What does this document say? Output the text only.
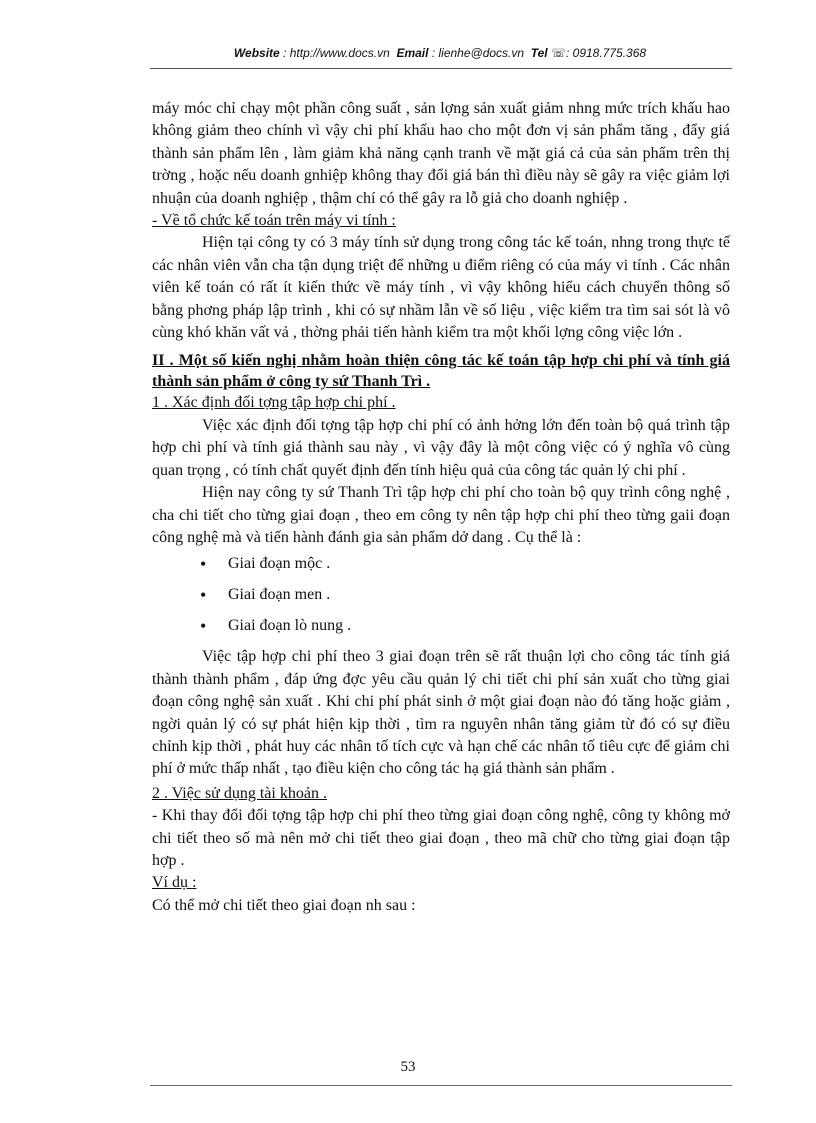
Website : http://www.docs.vn Email : lienhe@docs.vn Tel ☏: 0918.775.368

máy móc chỉ chạy một phần công suất , sản lợng sản xuất giảm nhng mức trích khấu hao không giảm theo chính vì vậy chi phí khấu hao cho một đơn vị sản phẩm tăng , đẩy giá thành sản phẩm lên , làm giảm khả năng cạnh tranh về mặt giá cả của sản phẩm trên thị trờng , hoặc nếu doanh gnhiệp không thay đổi giá bán thì điều này sẽ gây ra việc giảm lợi nhuận của doanh nghiệp , thậm chí có thể gây ra lỗ giả cho doanh nghiệp .

- Về tổ chức kế toán trên máy vi tính :

Hiện tại công ty có 3 máy tính sử dụng trong công tác kế toán, nhng trong thực tế các nhân viên vẫn cha tận dụng triệt để những u điểm riêng có của máy vi tính . Các nhân viên kế toán có rất ít kiến thức về máy tính , vì vậy không hiểu cách chuyển thông số bằng phơng pháp lập trình , khi có sự nhầm lẫn về số liệu , việc kiểm tra tìm sai sót là vô cùng khó khăn vất vả , thờng phải tiến hành kiểm tra một khối lợng công việc lớn .

II . Một số kiến nghị nhằm hoàn thiện công tác kế toán tập hợp chi phí và tính giá thành sản phẩm ở công ty sứ Thanh Trì .

1 . Xác định đối tợng tập hợp chi phí .

Việc xác định đối tợng tập hợp chi phí có ảnh hởng lớn đến toàn bộ quá trình tập hợp chi phí và tính giá thành sau này , vì vậy đây là một công việc có ý nghĩa vô cùng quan trọng , có tính chất quyết định đến tính hiệu quả của công tác quản lý chi phí .

Hiện nay công ty sứ Thanh Trì tập hợp chi phí cho toàn bộ quy trình công nghệ , cha chi tiết cho từng giai đoạn , theo em công ty nên tập hợp chi phí theo từng gaii đoạn công nghệ mà và tiến hành đánh gia sản phẩm dở dang . Cụ thể là :

• Giai đoạn mộc .
• Giai đoạn men .
• Giai đoạn lò nung .

Việc tập hợp chi phí theo 3 giai đoạn trên sẽ rất thuận lợi cho công tác tính giá thành thành phẩm , đáp ứng đợc yêu cầu quản lý chi tiết chi phí sản xuất cho từng giai đoạn công nghệ sản xuất . Khi chi phí phát sinh ở một giai đoạn nào đó tăng hoặc giảm , ngời quản lý có sự phát hiện kịp thời , tìm ra nguyên nhân tăng giảm từ đó có sự điều chỉnh kịp thời , phát huy các nhân tố tích cực và hạn chế các nhân tố tiêu cực để giảm chi phí ở mức thấp nhất , tạo điều kiện cho công tác hạ giá thành sản phẩm .

2 . Việc sử dụng tài khoản .

- Khi thay đổi đối tợng tập hợp chi phí theo từng giai đoạn công nghệ, công ty không mở chi tiết theo số mà nên mở chi tiết theo giai đoạn , theo mã chữ cho từng giai đoạn tập hợp .

Ví dụ :

Có thể mở chi tiết theo giai đoạn nh sau :

53
